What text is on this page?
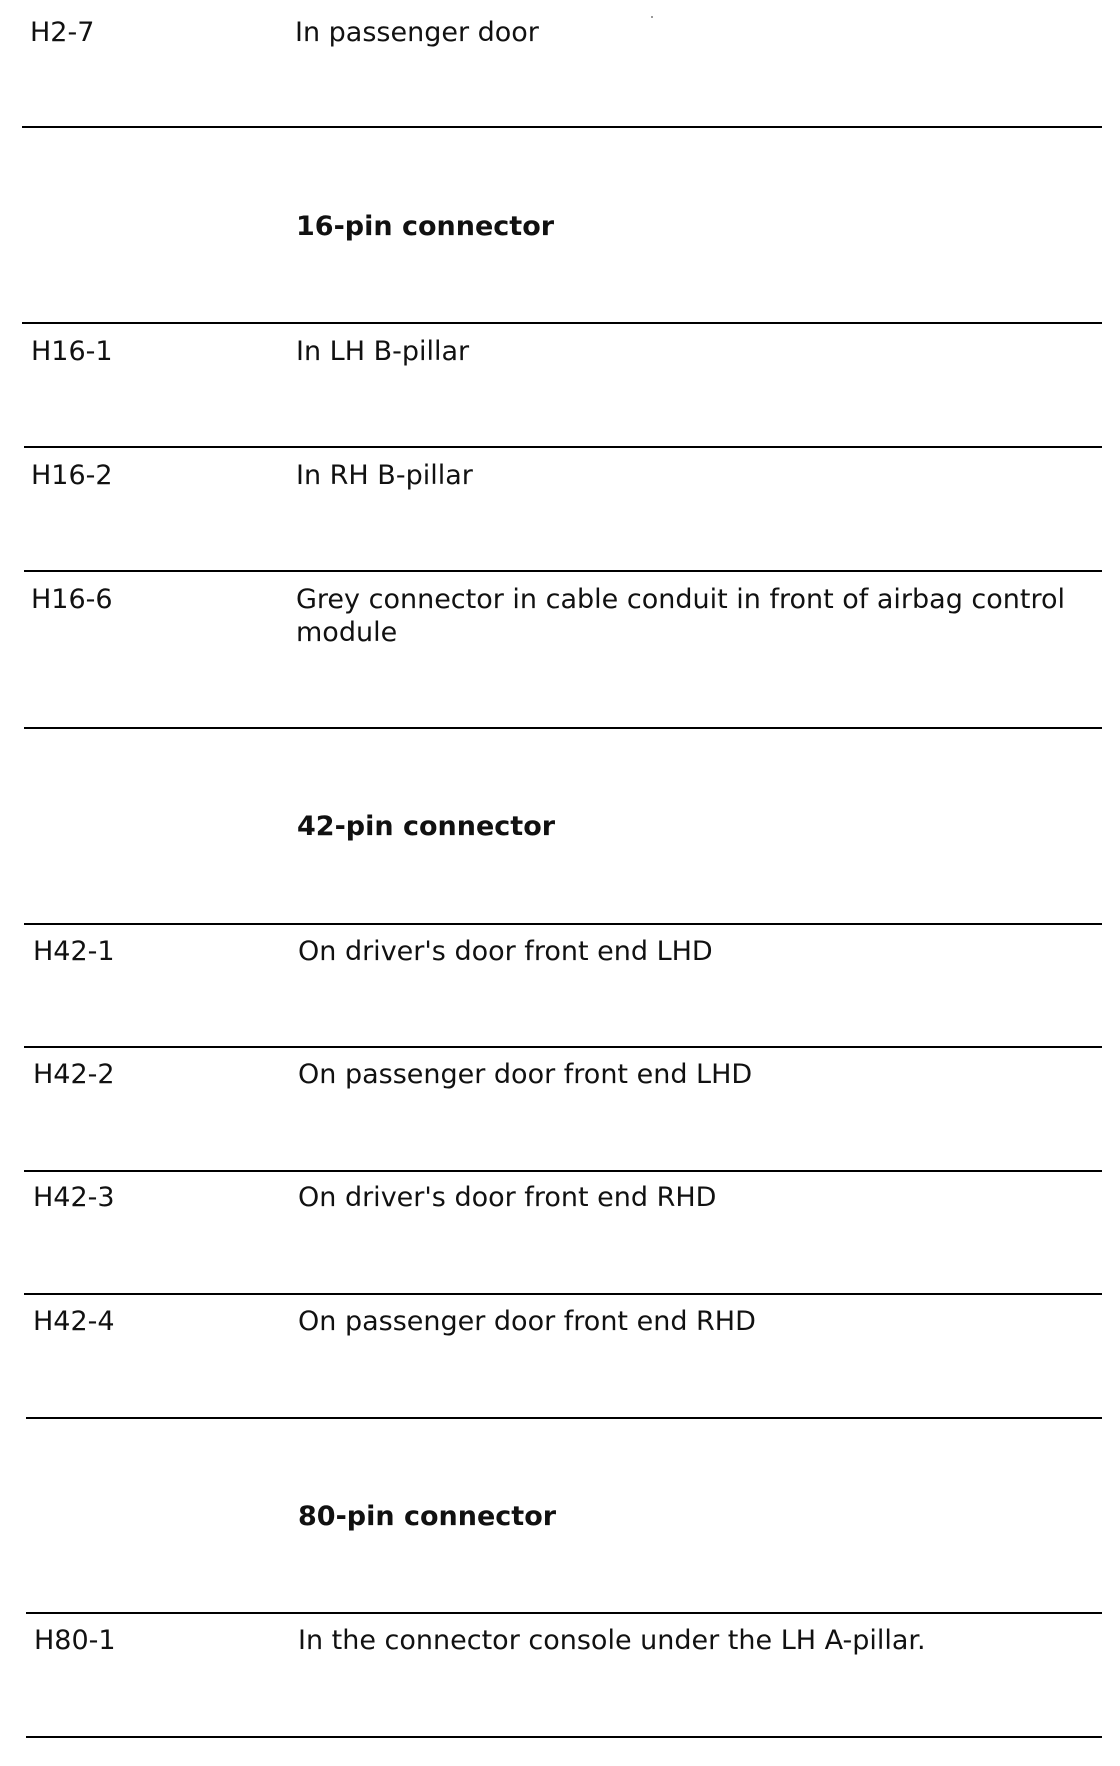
H2-7	In passenger door
16-pin connector
H16-1	In LH B-pillar
H16-2	In RH B-pillar
H16-6	Grey connector in cable conduit in front of airbag control module
42-pin connector
H42-1	On driver's door front end LHD
H42-2	On passenger door front end LHD
H42-3	On driver's door front end RHD
H42-4	On passenger door front end RHD
80-pin connector
H80-1	In the connector console under the LH A-pillar.
